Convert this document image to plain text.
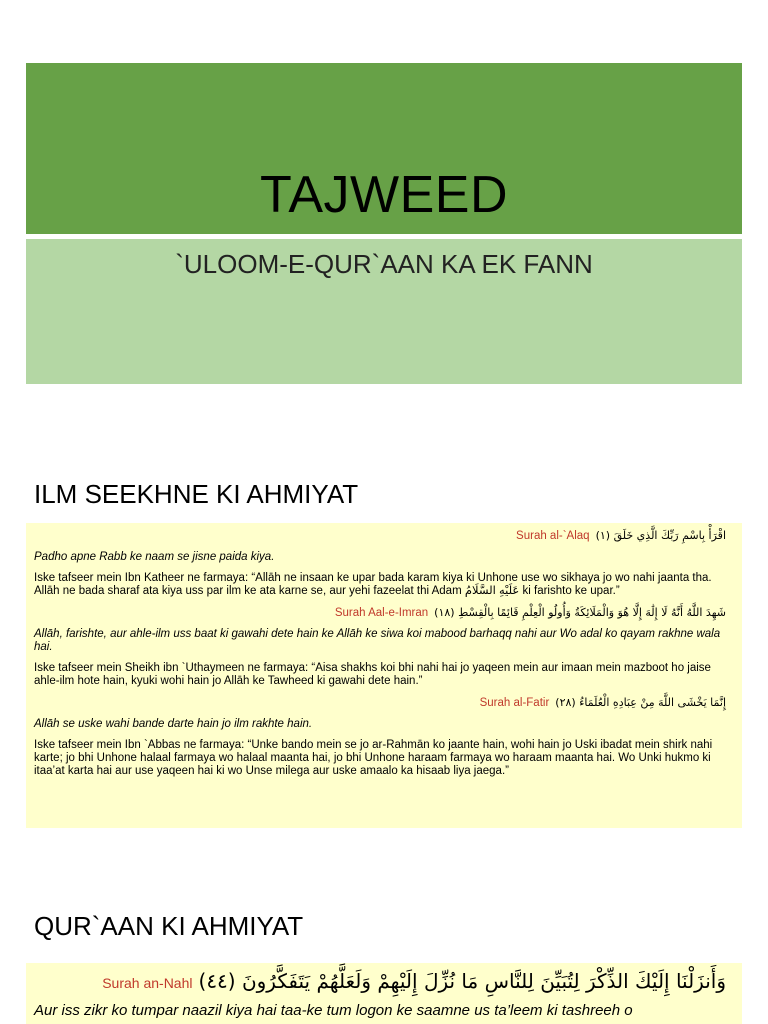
TAJWEED
`ULOOM-E-QUR`AAN KA EK FANN
ILM SEEKHNE KI AHMIYAT
Surah al-`Alaq اقْرَأْ بِاسْمِ رَبِّكَ الَّذِي خَلَقَ (١)

Padho apne Rabb ke naam se jisne paida kiya.

Iske tafseer mein Ibn Katheer ne farmaya: “Allāh ne insaan ke upar bada karam kiya ki Unhone use wo sikhaya jo wo nahi jaanta tha. Allāh ne bada sharaf ata kiya uss par ilm ke ata karne se, aur yehi fazeelat thi Adam عَلَيْهِ السَّلَامُ ki farishto ke upar.”

Surah Aal-e-Imran شَهِدَ اللَّهُ أَنَّهُ لَا إِلَٰهَ إِلَّا هُوَ وَالْمَلَائِكَةُ وَأُولُو الْعِلْمِ قَائِمًا بِالْقِسْطِ (١٨)

Allāh, farishte, aur ahle-ilm uss baat ki gawahi dete hain ke Allāh ke siwa koi mabood barhaqq nahi aur Wo adal ko qayam rakhne wala hai.

Iske tafseer mein Sheikh ibn `Uthaymeen ne farmaya: “Aisa shakhs koi bhi nahi hai jo yaqeen mein aur imaan mein mazboot ho jaise ahle-ilm hote hain, kyuki wohi hain jo Allāh ke Tawheed ki gawahi dete hain.”

Surah al-Fatir إِنَّمَا يَخْشَى اللَّهَ مِنْ عِبَادِهِ الْعُلَمَاءُ (٢٨)

Allāh se uske wahi bande darte hain jo ilm rakhte hain.

Iske tafseer mein Ibn `Abbas ne farmaya: “Unke bando mein se jo ar-Rahmān ko jaante hain, wohi hain jo Uski ibadat mein shirk nahi karte; jo bhi Unhone halaal farmaya wo halaal maanta hai, jo bhi Unhone haraam farmaya wo haraam maanta hai. Wo Unki hukmo ki itaa’at karta hai aur use yaqeen hai ki wo Unse milega aur uske amaalo ka hisaab liya jaega.”

QUR`AAN KI AHMIYAT
Surah an-Nahl وَأَنزَلْنَا إِلَيْكَ الذِّكْرَ لِتُبَيِّنَ لِلنَّاسِ مَا نُزِّلَ إِلَيْهِمْ وَلَعَلَّهُمْ يَتَفَكَّرُونَ (٤٤)

Aur iss zikr ko tumpar naazil kiya hai taa-ke tum logon ke saamne us ta’leem ki tashreeh o
